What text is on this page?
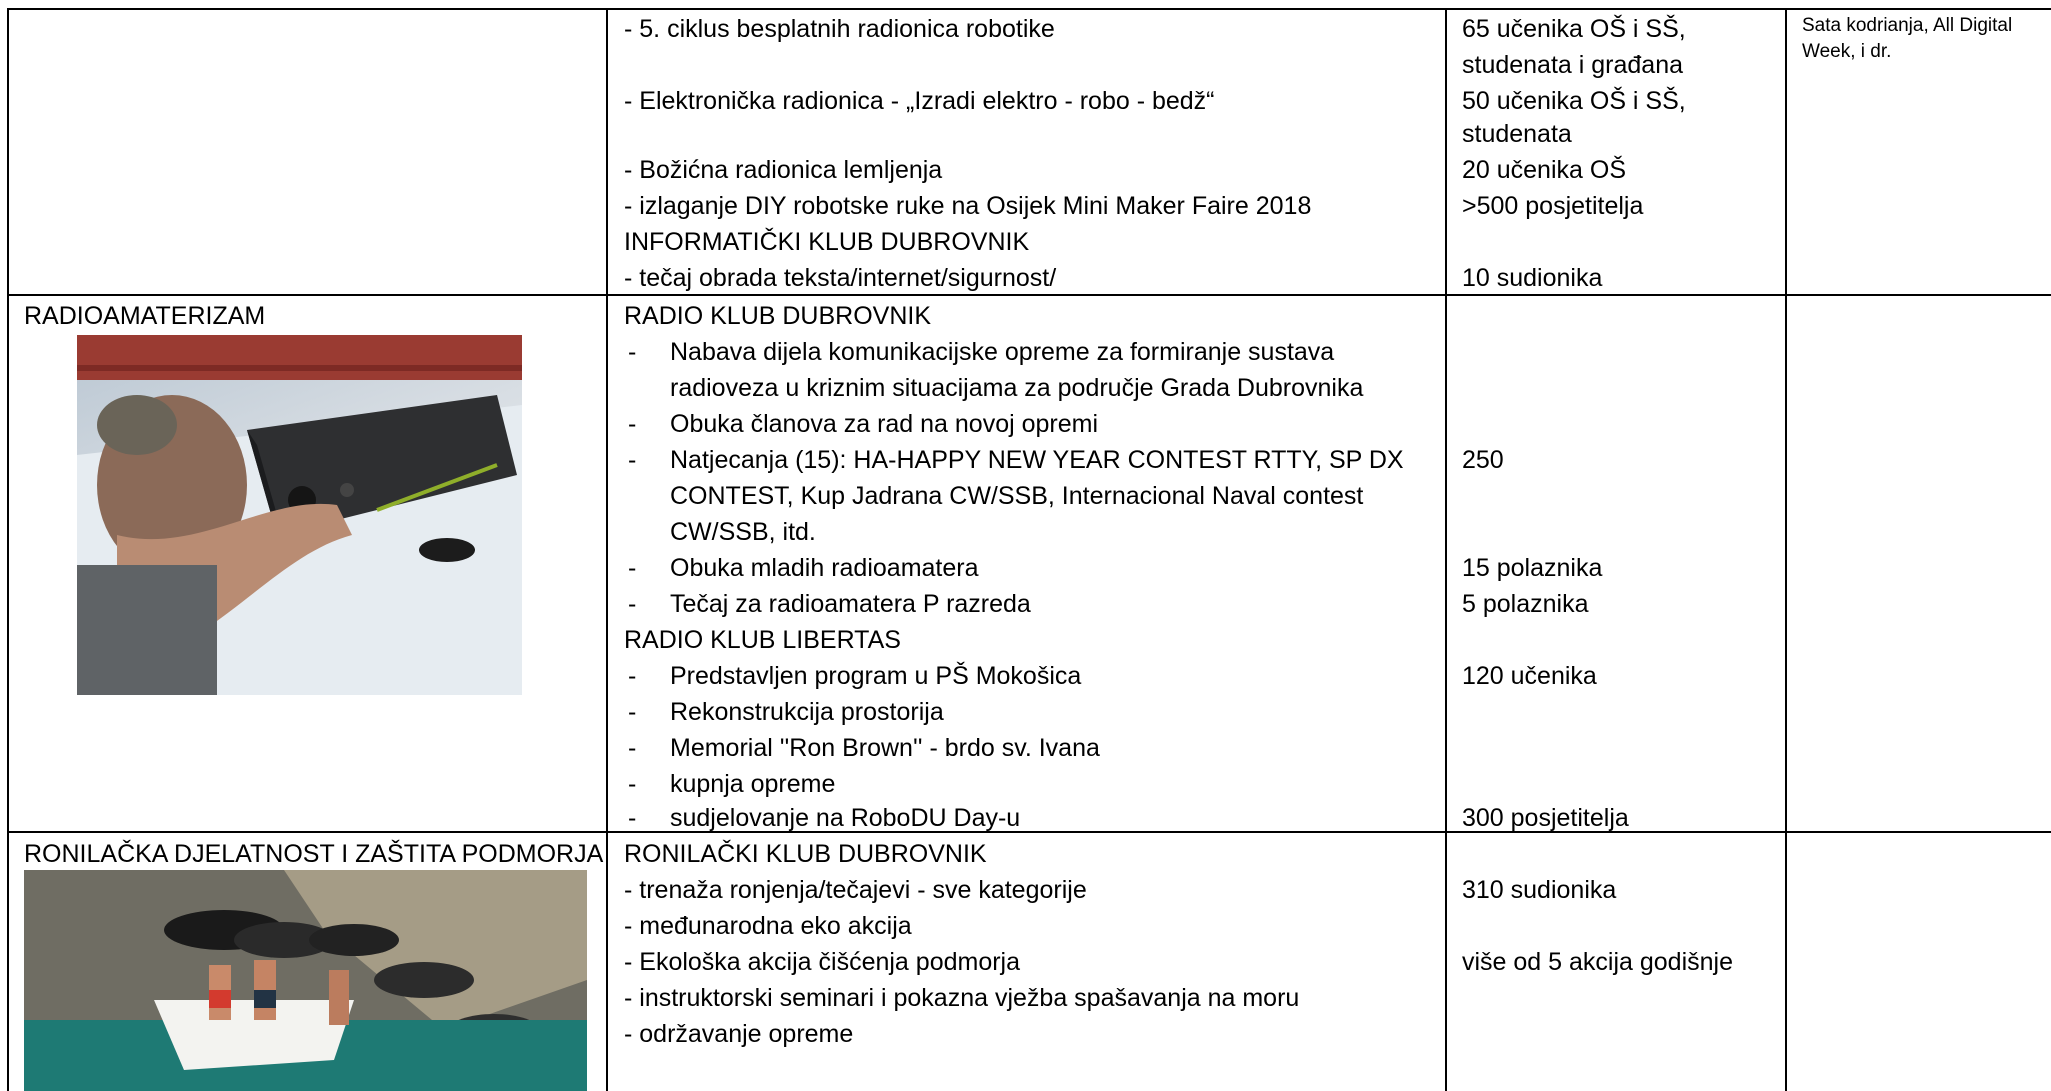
- 5. ciklus besplatnih radionica robotike
- Elektronička radionica - „Izradi elektro - robo - bedž“
- Božićna radionica lemljenja
- izlaganje DIY robotske ruke na Osijek Mini Maker Faire 2018
INFORMATIČKI KLUB DUBROVNIK
- tečaj obrada teksta/internet/sigurnost/
65 učenika OŠ i SŠ,
studenata i građana
50 učenika OŠ i SŠ,
studenata
20 učenika OŠ
>500 posjetitelja
10 sudionika
Sata kodrianja, All Digital
Week, i dr.
RADIOAMATERIZAM	RADIO KLUB DUBROVNIK
- Nabava dijela komunikacijske opreme za formiranje sustava
radioveza u kriznim situacijama za područje Grada Dubrovnika
- Obuka članova za rad na novoj opremi
- Natjecanja (15): HA-HAPPY NEW YEAR CONTEST RTTY, SP DX
CONTEST, Kup Jadrana CW/SSB, Internacional Naval contest
CW/SSB, itd.
- Obuka mladih radioamatera
- Tečaj za radioamatera P razreda
RADIO KLUB LIBERTAS
- Predstavljen program u PŠ Mokošica
- Rekonstrukcija prostorija
- Memorial ''Ron Brown'' - brdo sv. Ivana
- kupnja opreme
- sudjelovanje na RoboDU Day-u
250
15 polaznika
5 polaznika
120 učenika
300 posjetitelja
RONILAČKA DJELATNOST I ZAŠTITA PODMORJA RONILAČKI KLUB DUBROVNIK
- trenaža ronjenja/tečajevi - sve kategorije
- međunarodna eko akcija
- Ekološka akcija čišćenja podmorja
- instruktorski seminari i pokazna vježba spašavanja na moru
- održavanje opreme
310 sudionika
više od 5 akcija godišnje
